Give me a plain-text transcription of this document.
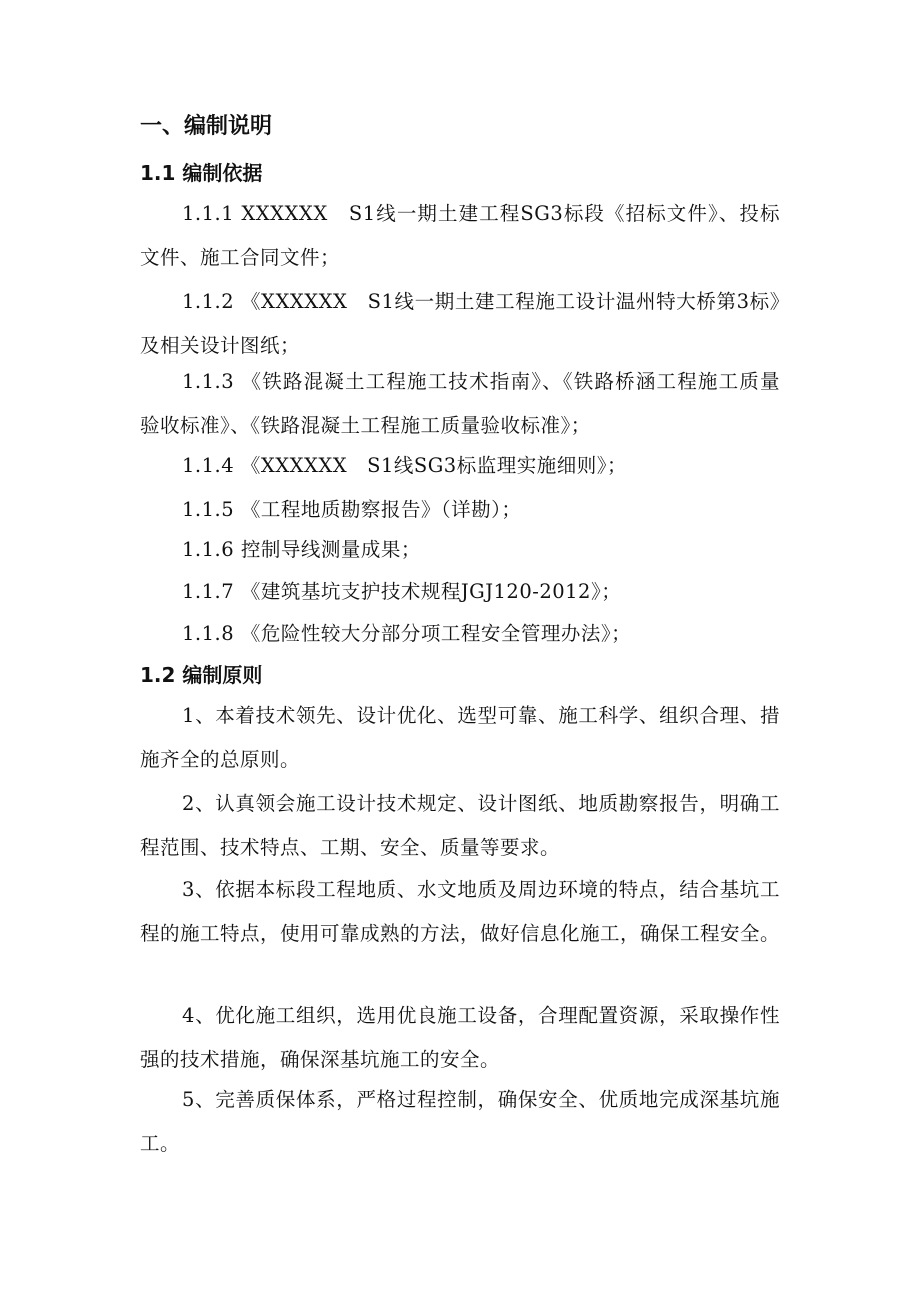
一、编制说明
1.1 编制依据
1.1.1 XXXXXX　S1线一期土建工程SG3标段《招标文件》、投标文件、施工合同文件；
1.1.2 《XXXXXX　S1线一期土建工程施工设计温州特大桥第3标》及相关设计图纸；
1.1.3 《铁路混凝土工程施工技术指南》、《铁路桥涵工程施工质量验收标准》、《铁路混凝土工程施工质量验收标准》；
1.1.4 《XXXXXX　S1线SG3标监理实施细则》；
1.1.5 《工程地质勘察报告》（详勘）；
1.1.6 控制导线测量成果；
1.1.7 《建筑基坑支护技术规程JGJ120-2012》；
1.1.8 《危险性较大分部分项工程安全管理办法》；
1.2 编制原则
1、本着技术领先、设计优化、选型可靠、施工科学、组织合理、措施齐全的总原则。
2、认真领会施工设计技术规定、设计图纸、地质勘察报告，明确工程范围、技术特点、工期、安全、质量等要求。
3、依据本标段工程地质、水文地质及周边环境的特点，结合基坑工程的施工特点，使用可靠成熟的方法，做好信息化施工，确保工程安全。
4、优化施工组织，选用优良施工设备，合理配置资源，采取操作性强的技术措施，确保深基坑施工的安全。
5、完善质保体系，严格过程控制，确保安全、优质地完成深基坑施工。
